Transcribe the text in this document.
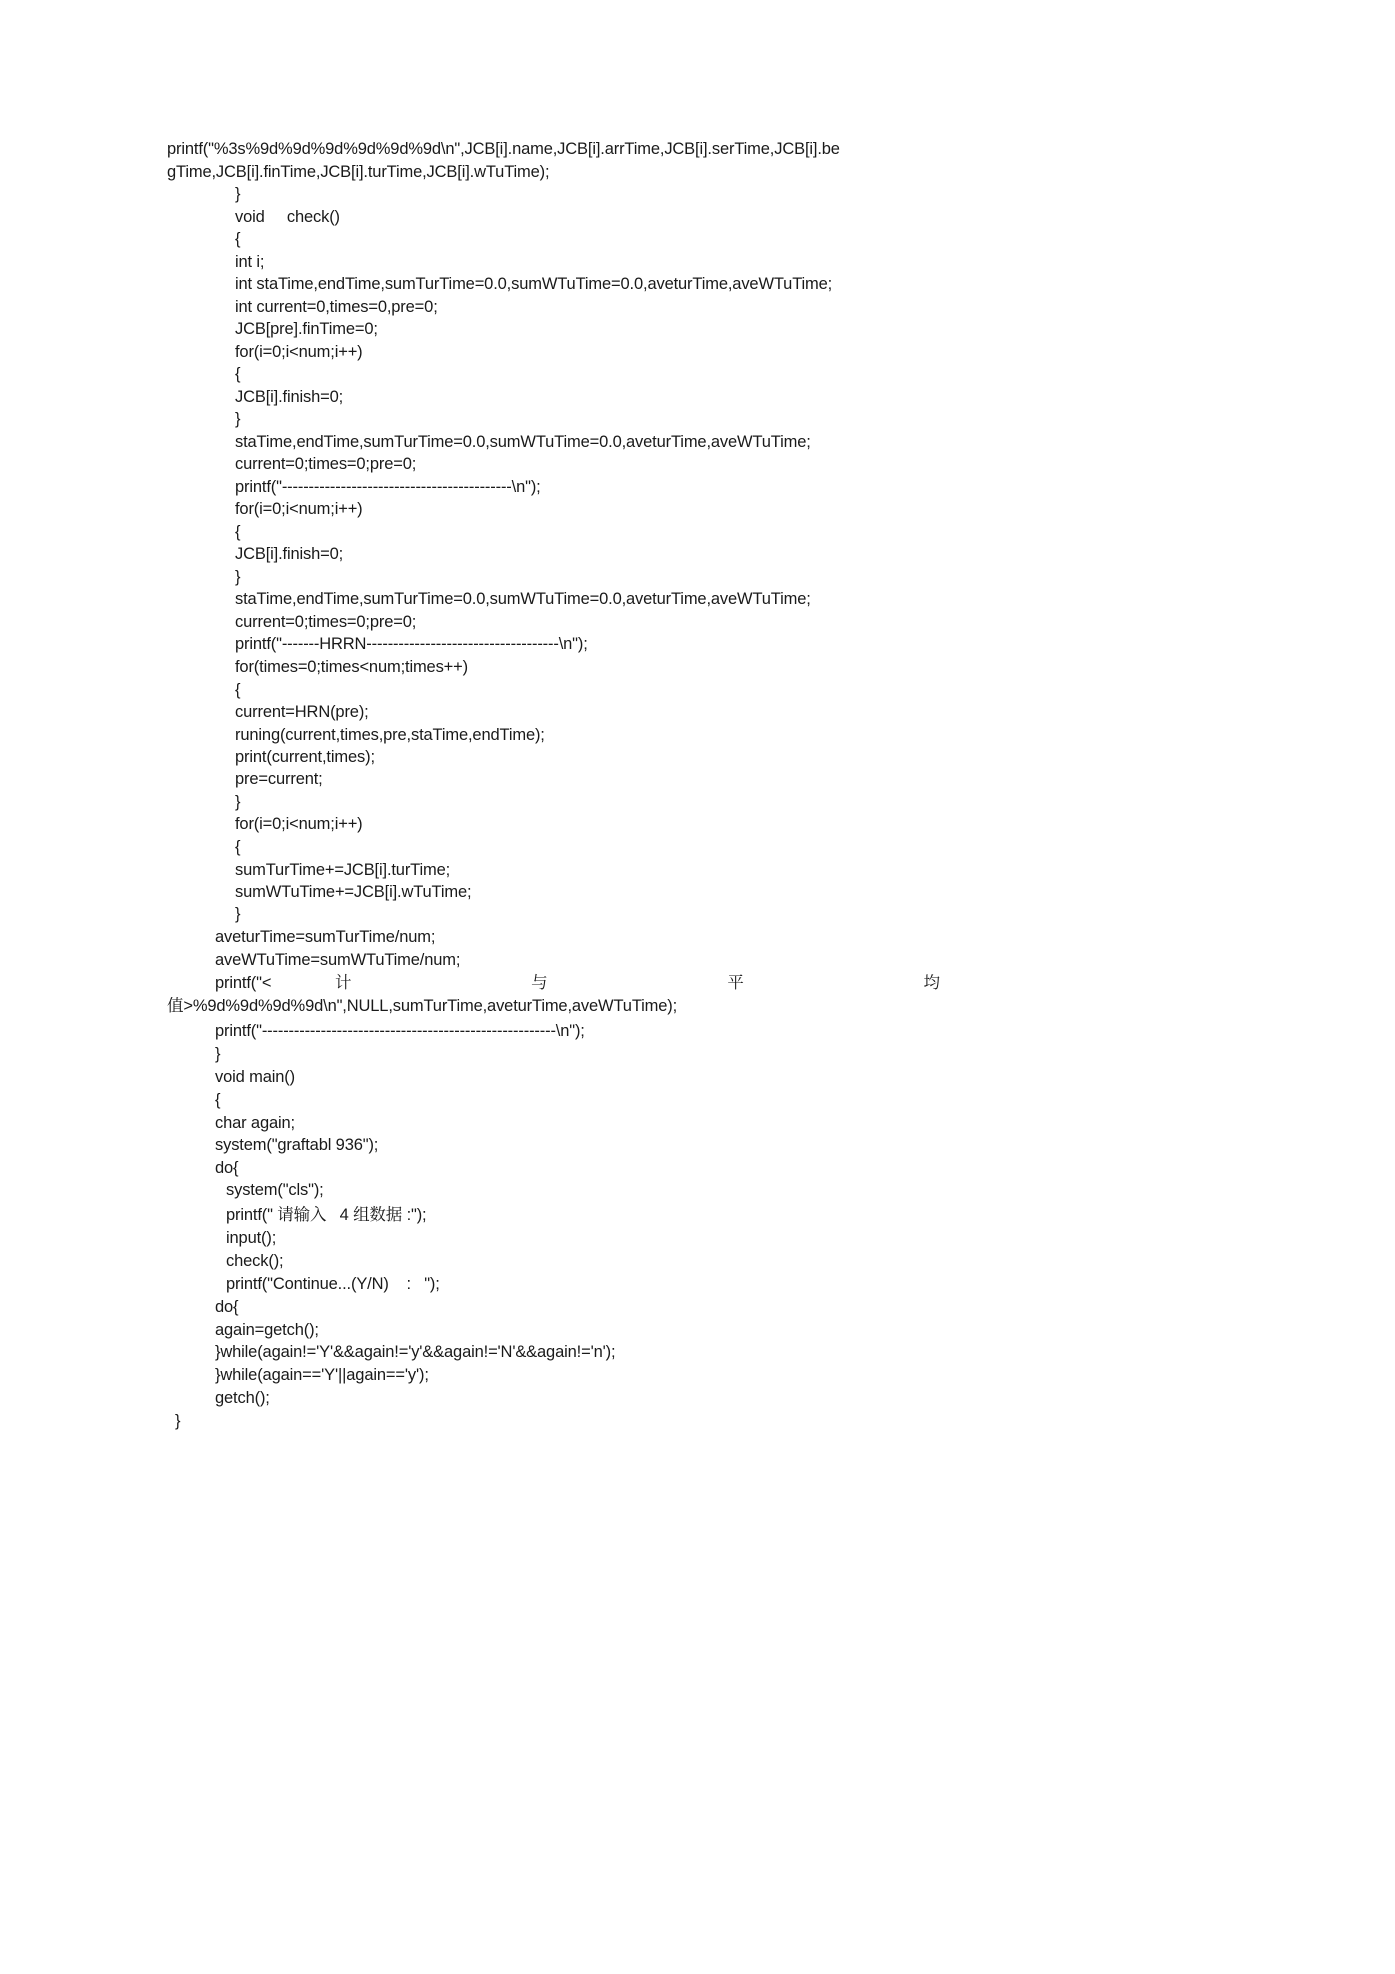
printf("%3s%9d%9d%9d%9d%9d%9d\n",JCB[i].name,JCB[i].arrTime,JCB[i].serTime,JCB[i].be
gTime,JCB[i].finTime,JCB[i].turTime,JCB[i].wTuTime);
}
void     check()
{
int i;
int staTime,endTime,sumTurTime=0.0,sumWTuTime=0.0,aveturTime,aveWTuTime;
int current=0,times=0,pre=0;
JCB[pre].finTime=0;
for(i=0;i<num;i++)
{
JCB[i].finish=0;
}
staTime,endTime,sumTurTime=0.0,sumWTuTime=0.0,aveturTime,aveWTuTime;
current=0;times=0;pre=0;
printf("-------------------------------------------\n");
for(i=0;i<num;i++)
{
JCB[i].finish=0;
}
staTime,endTime,sumTurTime=0.0,sumWTuTime=0.0,aveturTime,aveWTuTime;
current=0;times=0;pre=0;
printf("-------HRRN------------------------------------\n");
for(times=0;times<num;times++)
{
current=HRN(pre);
runing(current,times,pre,staTime,endTime);
print(current,times);
pre=current;
}
for(i=0;i<num;i++)
{
sumTurTime+=JCB[i].turTime;
sumWTuTime+=JCB[i].wTuTime;
}
aveturTime=sumTurTime/num;
aveWTuTime=sumWTuTime/num;
printf("<	计	与	平	均
值>%9d%9d%9d%9d\n",NULL,sumTurTime,aveturTime,aveWTuTime);
printf("-------------------------------------------------------\n");
}
void main()
{
char again;
system("graftabl 936");
do{
system("cls");
printf(" 请输入   4 组数据 :");
input();
check();
printf("Continue...(Y/N)    :   ");
do{
again=getch();
}while(again!='Y'&&again!='y'&&again!='N'&&again!='n');
}while(again=='Y'||again=='y');
getch();
}
